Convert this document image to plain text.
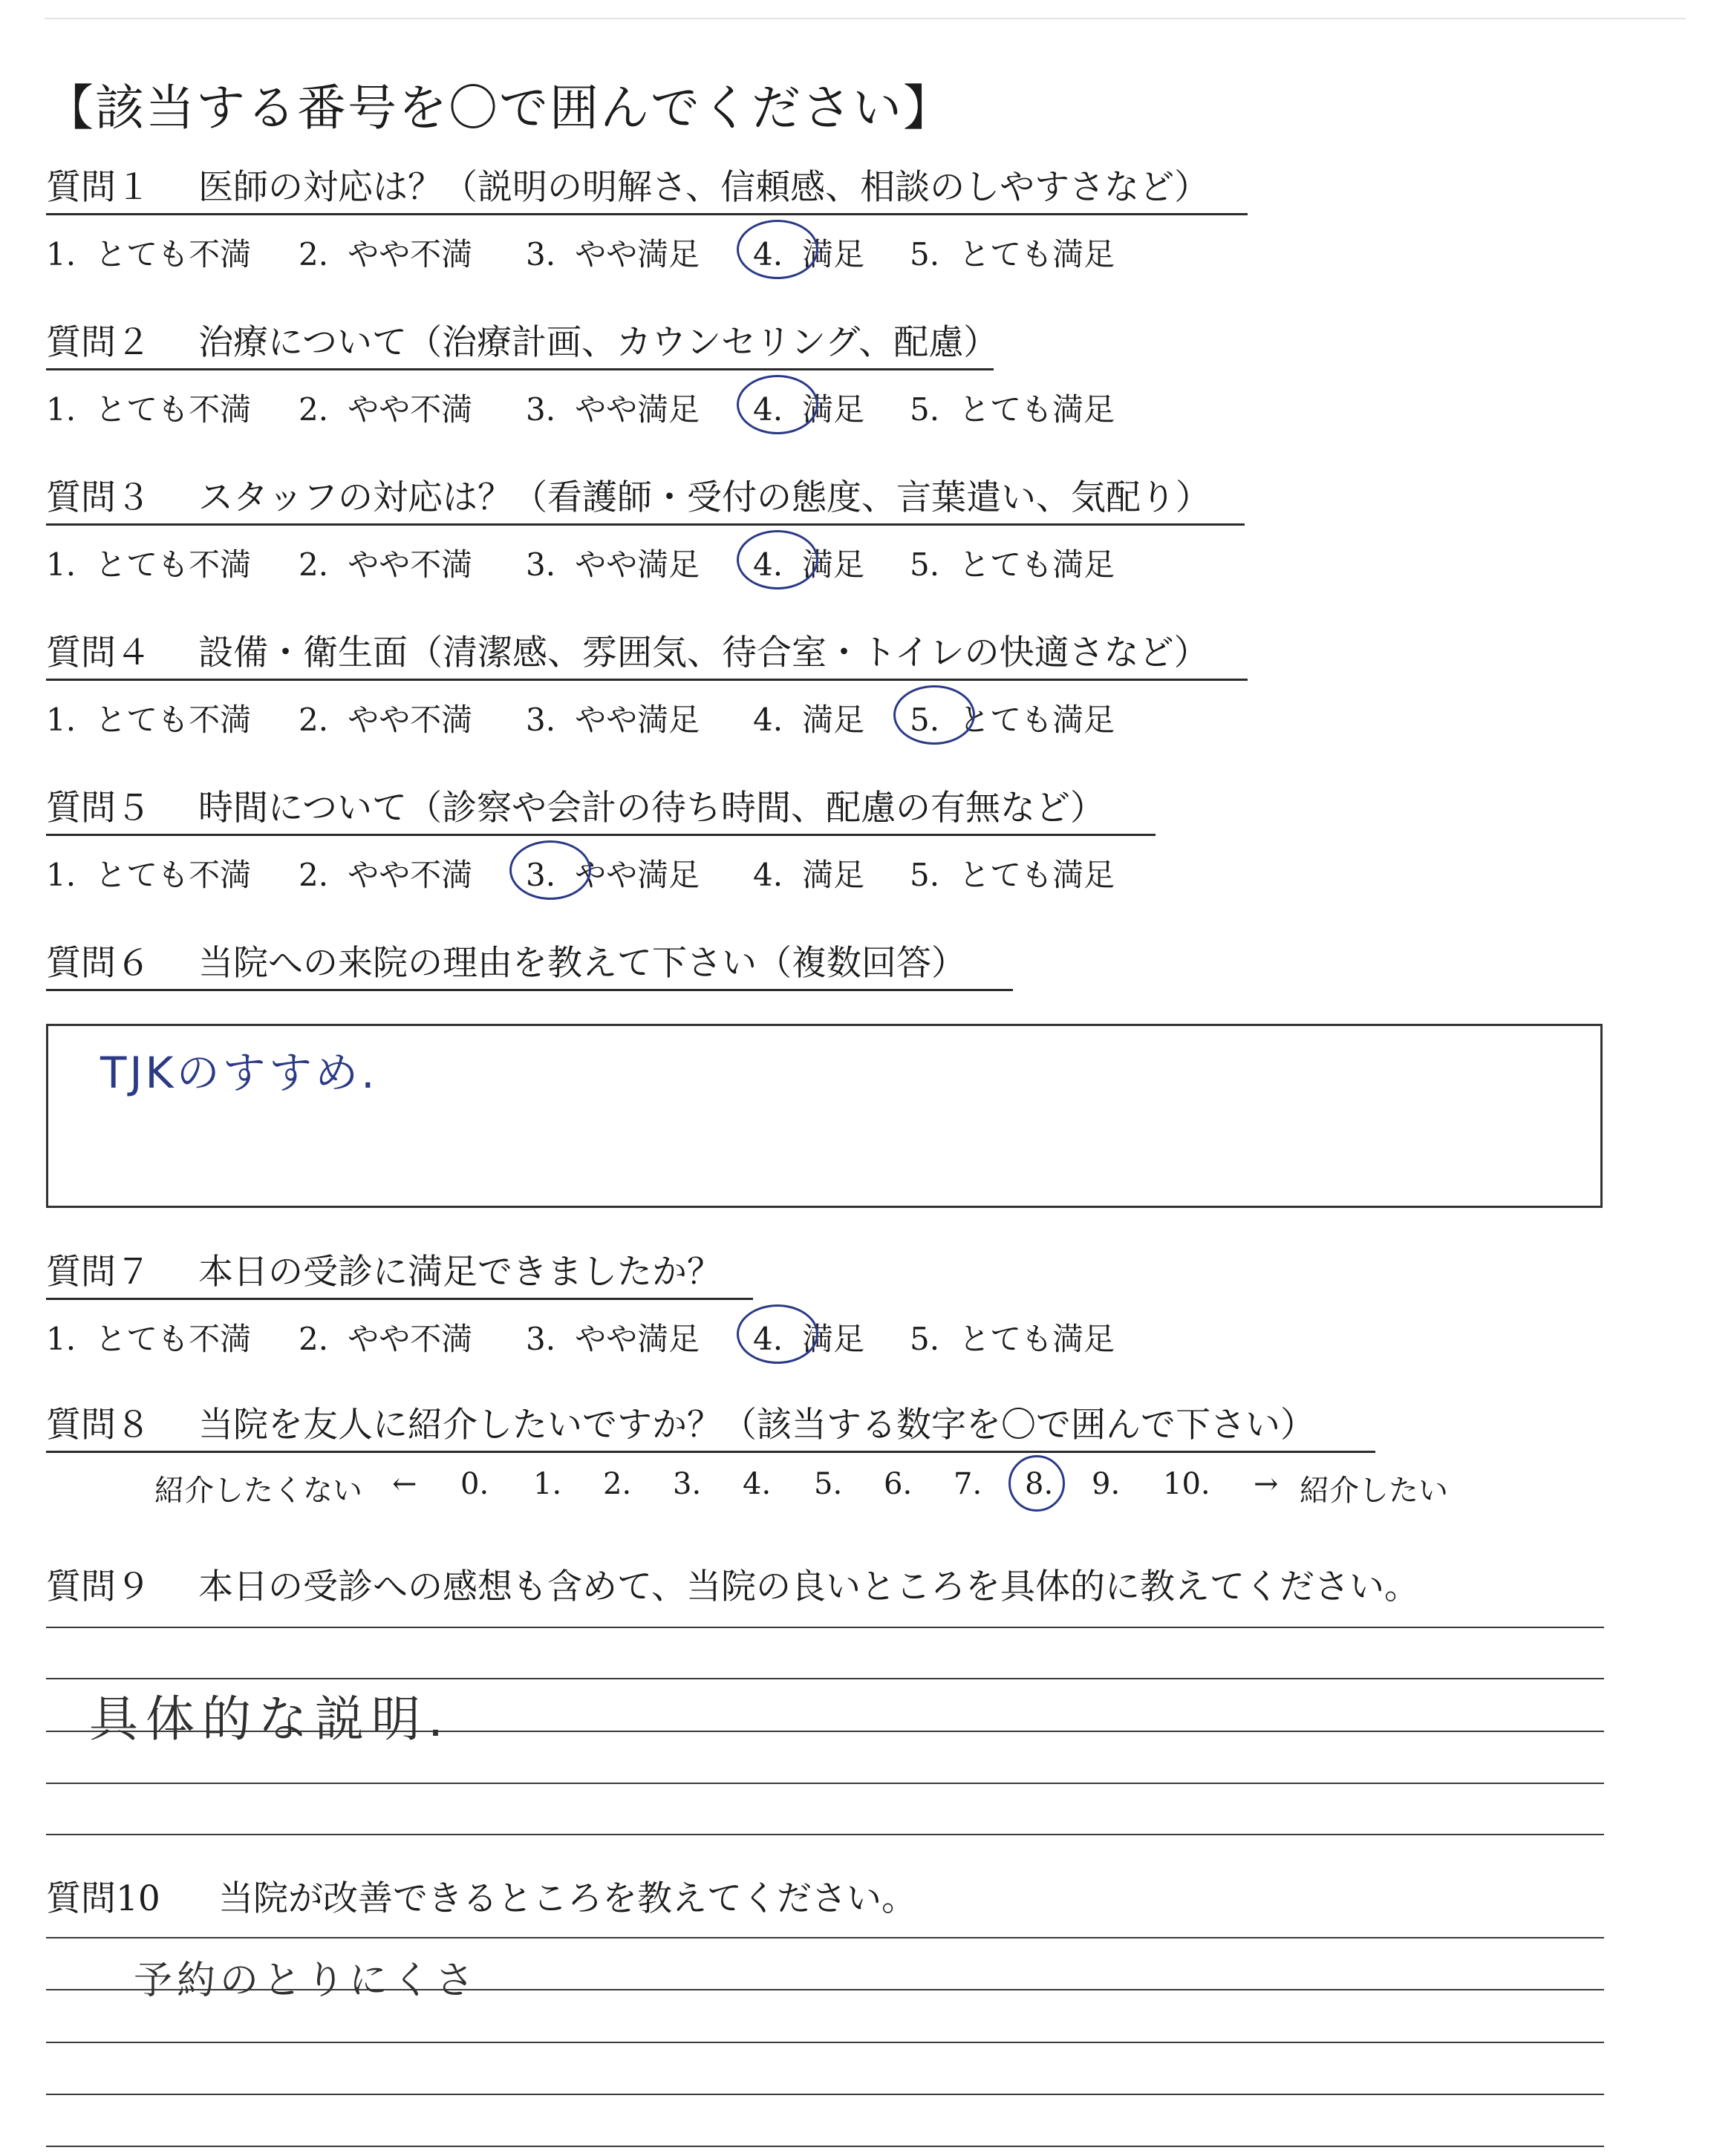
【該当する番号を〇で囲んでください】
質問１ 医師の対応は？（説明の明解さ、信頼感、相談のしやすさなど）
1. とても不満 2. やや不満 3. やや満足 4. 満足 5. とても満足
質問２ 治療について（治療計画、カウンセリング、配慮）
1. とても不満 2. やや不満 3. やや満足 4. 満足 5. とても満足
質問３ スタッフの対応は？（看護師・受付の態度、言葉遣い、気配り）
1. とても不満 2. やや不満 3. やや満足 4. 満足 5. とても満足
質問４ 設備・衛生面（清潔感、雰囲気、待合室・トイレの快適さなど）
1. とても不満 2. やや不満 3. やや満足 4. 満足 5. とても満足
質問５ 時間について（診察や会計の待ち時間、配慮の有無など）
1. とても不満 2. やや不満 3. やや満足 4. 満足 5. とても満足
質問６ 当院への来院の理由を教えて下さい（複数回答）
TJKのすすめ.
質問７ 本日の受診に満足できましたか？
1. とても不満 2. やや不満 3. やや満足 4. 満足 5. とても満足
質問８ 当院を友人に紹介したいですか？（該当する数字を〇で囲んで下さい）
紹介したくない ← 0. 1. 2. 3. 4. 5. 6. 7. 8. 9. 10. → 紹介したい
質問９ 本日の受診への感想も含めて、当院の良いところを具体的に教えてください。
具体的な説明.
質問10 当院が改善できるところを教えてください。
予約のとりにくさ
